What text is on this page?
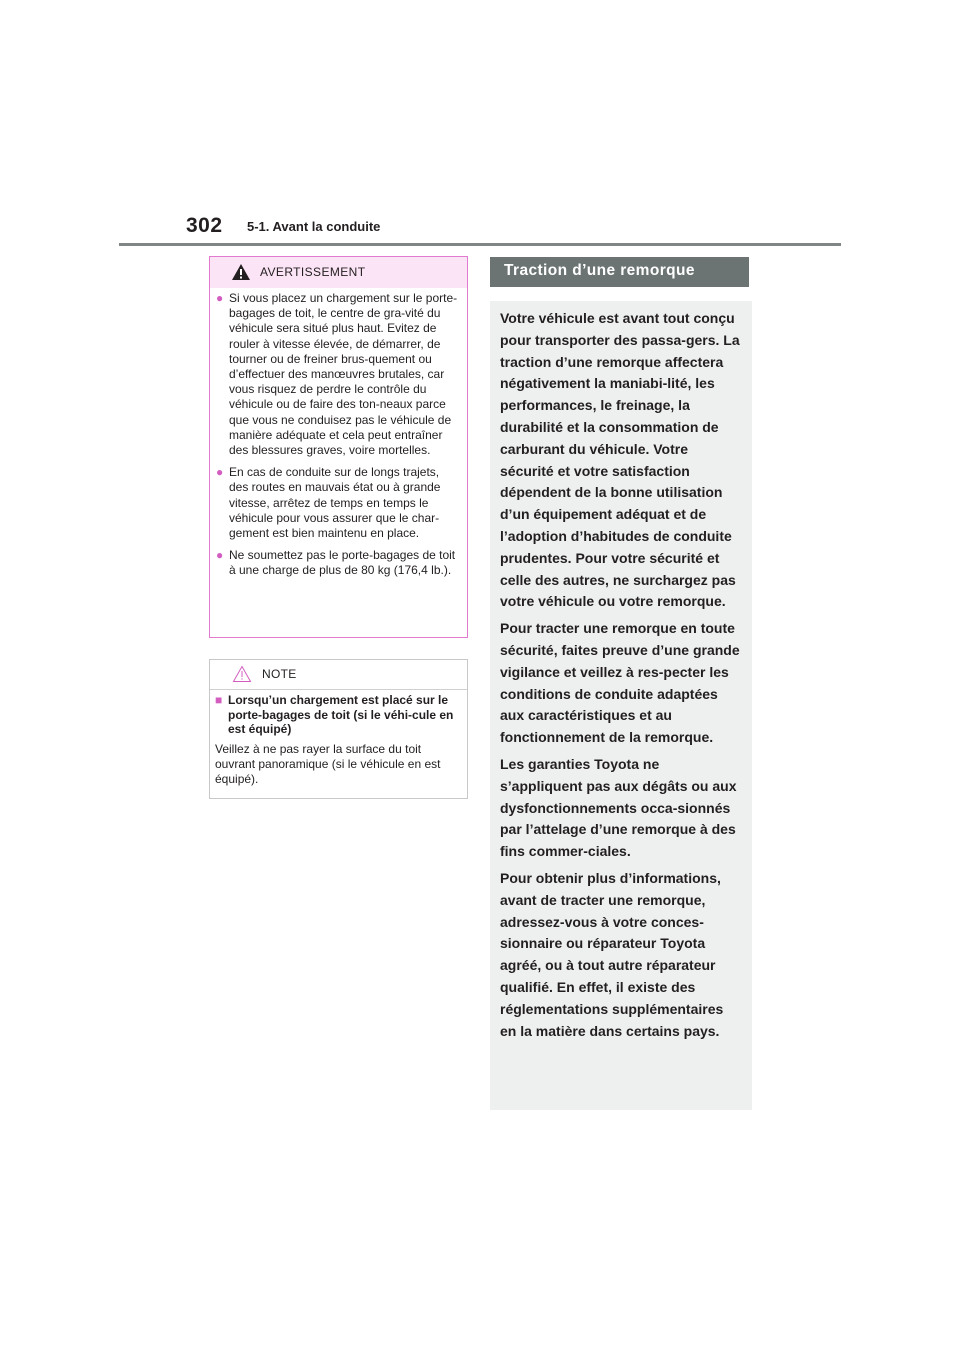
302 5-1. Avant la conduite
AVERTISSEMENT
● Si vous placez un chargement sur le porte-bagages de toit, le centre de gra-vité du véhicule sera situé plus haut. Evitez de rouler à vitesse élevée, de démarrer, de tourner ou de freiner brus-quement ou d’effectuer des manœuvres brutales, car vous risquez de perdre le contrôle du véhicule ou de faire des ton-neaux parce que vous ne conduisez pas le véhicule de manière adéquate et cela peut entraîner des blessures graves, voire mortelles.
● En cas de conduite sur de longs trajets, des routes en mauvais état ou à grande vitesse, arrêtez de temps en temps le véhicule pour vous assurer que le char-gement est bien maintenu en place.
● Ne soumettez pas le porte-bagages de toit à une charge de plus de 80 kg (176,4 lb.).
NOTE
■ Lorsqu’un chargement est placé sur le porte-bagages de toit (si le véhi-cule en est équipé)
Veillez à ne pas rayer la surface du toit ouvrant panoramique (si le véhicule en est équipé).
Traction d’une remorque

Votre véhicule est avant tout conçu pour transporter des passa-gers. La traction d’une remorque affectera négativement la maniabi-lité, les performances, le freinage, la durabilité et la consommation de carburant du véhicule. Votre sécurité et votre satisfaction dépendent de la bonne utilisation d’un équipement adéquat et de l’adoption d’habitudes de conduite prudentes. Pour votre sécurité et celle des autres, ne surchargez pas votre véhicule ou votre remorque.

Pour tracter une remorque en toute sécurité, faites preuve d’une grande vigilance et veillez à res-pecter les conditions de conduite adaptées aux caractéristiques et au fonctionnement de la remorque.

Les garanties Toyota ne s’appliquent pas aux dégâts ou aux dysfonctionnements occa-sionnés par l’attelage d’une remorque à des fins commer-ciales.

Pour obtenir plus d’informations, avant de tracter une remorque, adressez-vous à votre conces-sionnaire ou réparateur Toyota agréé, ou à tout autre réparateur qualifié. En effet, il existe des réglementations supplémentaires en la matière dans certains pays.
